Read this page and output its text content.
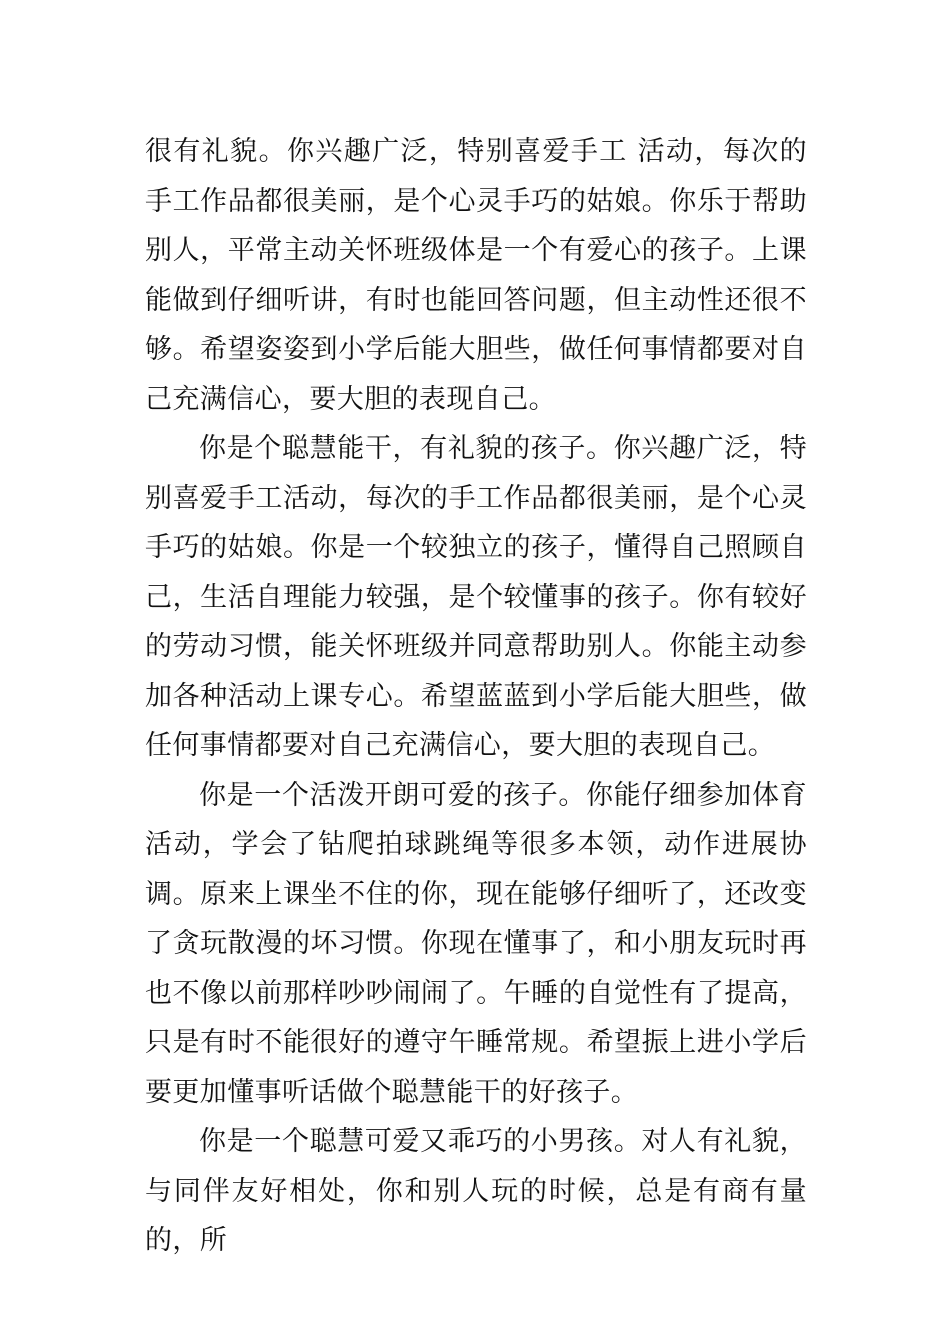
很有礼貌。你兴趣广泛，特别喜爱手工 活动，每次的手工作品都很美丽，是个心灵手巧的姑娘。你乐于帮助别人，平常主动关怀班级体是一个有爱心的孩子。上课能做到仔细听讲，有时也能回答问题，但主动性还很不够。希望姿姿到小学后能大胆些，做任何事情都要对自己充满信心，要大胆的表现自己。

你是个聪慧能干，有礼貌的孩子。你兴趣广泛，特别喜爱手工活动，每次的手工作品都很美丽，是个心灵手巧的姑娘。你是一个较独立的孩子，懂得自己照顾自己，生活自理能力较强，是个较懂事的孩子。你有较好的劳动习惯，能关怀班级并同意帮助别人。你能主动参加各种活动上课专心。希望蓝蓝到小学后能大胆些，做任何事情都要对自己充满信心，要大胆的表现自己。

你是一个活泼开朗可爱的孩子。你能仔细参加体育活动，学会了钻爬拍球跳绳等很多本领，动作进展协调。原来上课坐不住的你，现在能够仔细听了，还改变了贪玩散漫的坏习惯。你现在懂事了，和小朋友玩时再也不像以前那样吵吵闹闹了。午睡的自觉性有了提高，只是有时不能很好的遵守午睡常规。希望振上进小学后要更加懂事听话做个聪慧能干的好孩子。

你是一个聪慧可爱又乖巧的小男孩。对人有礼貌，与同伴友好相处，你和别人玩的时候，总是有商有量的，所
